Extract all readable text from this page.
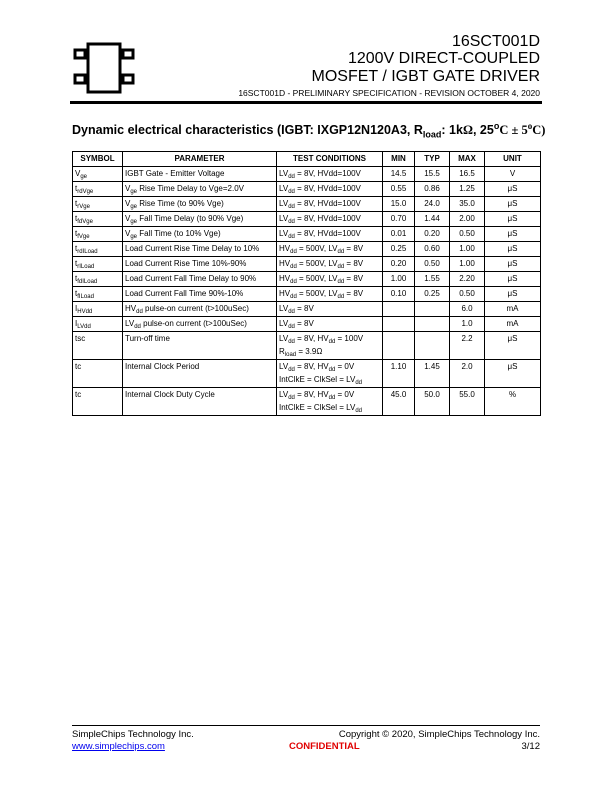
16SCT001D
1200V DIRECT-COUPLED
MOSFET / IGBT GATE DRIVER
16SCT001D - PRELIMINARY SPECIFICATION - REVISION OCTOBER 4, 2020
Dynamic electrical characteristics (IGBT: IXGP12N120A3, $R_{load}$: 1kΩ, $25^oC \pm 5^oC$)
SYMBOL	PARAMETER	TEST CONDITIONS	MIN	TYP	MAX	UNIT
$V_{ge}$	IGBT Gate - Emitter Voltage	$LV_{dd} = 8V$, HVdd=100V	14.5	15.5	16.5	V
$t_{rdVge}$	$V_{ge}$ Rise Time Delay to Vge=2.0V	$LV_{dd} = 8V$, HVdd=100V	0.55	0.86	1.25	μS
$t_{rVge}$	$V_{ge}$ Rise Time (to 90% Vge)	$LV_{dd} = 8V$, HVdd=100V	15.0	24.0	35.0	μS
$t_{fdVge}$	$V_{ge}$ Fall Time Delay (to 90% Vge)	$LV_{dd} = 8V$, HVdd=100V	0.70	1.44	2.00	μS
$t_{fVge}$	$V_{ge}$ Fall Time (to 10% Vge)	$LV_{dd} = 8V$, HVdd=100V	0.01	0.20	0.50	μS
$t_{rdILoad}$	Load Current Rise Time Delay to 10%	$HV_{dd} = 500V$, $LV_{dd} = 8V$	0.25	0.60	1.00	μS
$t_{rILoad}$	Load Current Rise Time 10%-90%	$HV_{dd} = 500V$, $LV_{dd} = 8V$	0.20	0.50	1.00	μS
$t_{fdILoad}$	Load Current Fall Time Delay to 90%	$HV_{dd} = 500V$, $LV_{dd} = 8V$	1.00	1.55	2.20	μS
$t_{fILoad}$	Load Current Fall Time 90%-10%	$HV_{dd} = 500V$, $LV_{dd} = 8V$	0.10	0.25	0.50	μS
$I_{HVdd}$	$HV_{dd}$ pulse-on current (t>100uSec)	$LV_{dd} = 8V$			6.0	mA
$I_{LVdd}$	$LV_{dd}$ pulse-on current (t>100uSec)	$LV_{dd} = 8V$			1.0	mA
tsc	Turn-off time	$LV_{dd} = 8V$, $HV_{dd} = 100V$
$R_{load} = 3.9\Omega$			2.2	μS
tc	Internal Clock Period	$LV_{dd} = 8V$, $HV_{dd} = 0V$
IntClkE = ClkSel = $LV_{dd}$	1.10	1.45	2.0	μS
tc	Internal Clock Duty Cycle	$LV_{dd} = 8V$, $HV_{dd} = 0V$
IntClkE = ClkSel = $LV_{dd}$	45.0	50.0	55.0	%
SimpleChips Technology Inc.
www.simplechips.com
Copyright © 2020, SimpleChips Technology Inc.
CONFIDENTIAL	3/12
